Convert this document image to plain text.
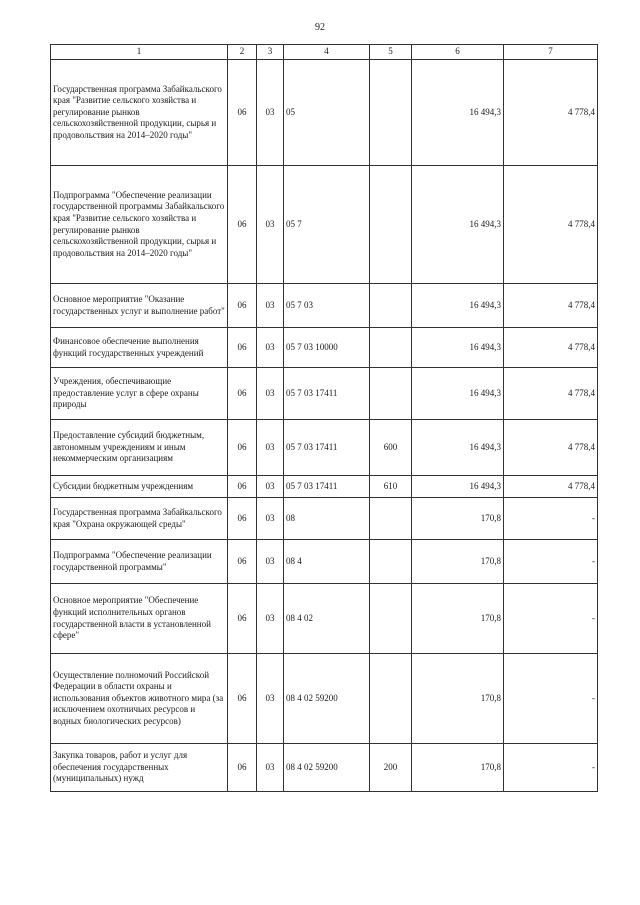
92
1	2	3	4	5	6	7
Государственная программа Забайкальского края "Развитие сельского хозяйства и регулирование рынков сельскохозяйственной продукции, сырья и продовольствия на 2014–2020 годы"	06	03	05		16 494,3	4 778,4
Подпрограмма "Обеспечение реализации государственной программы Забайкальского края "Развитие сельского хозяйства и регулирование рынков сельскохозяйственной продукции, сырья и продовольствия на 2014–2020 годы"	06	03	05 7		16 494,3	4 778,4
Основное мероприятие "Оказание государственных услуг и выполнение работ"	06	03	05 7 03		16 494,3	4 778,4
Финансовое обеспечение выполнения функций государственных учреждений	06	03	05 7 03 10000		16 494,3	4 778,4
Учреждения, обеспечивающие предоставление услуг в сфере охраны природы	06	03	05 7 03 17411		16 494,3	4 778,4
Предоставление субсидий бюджетным, автономным учреждениям и иным некоммерческим организациям	06	03	05 7 03 17411	600	16 494,3	4 778,4
Субсидии бюджетным учреждениям	06	03	05 7 03 17411	610	16 494,3	4 778,4
Государственная программа Забайкальского края "Охрана окружающей среды"	06	03	08		170,8	-
Подпрограмма "Обеспечение реализации государственной программы"	06	03	08 4		170,8	-
Основное мероприятие "Обеспечение функций исполнительных органов государственной власти в установленной сфере"	06	03	08 4 02		170,8	-
Осуществление полномочий Российской Федерации в области охраны и использования объектов животного мира (за исключением охотничьих ресурсов и водных биологических ресурсов)	06	03	08 4 02 59200		170,8	-
Закупка товаров, работ и услуг для обеспечения государственных (муниципальных) нужд	06	03	08 4 02 59200	200	170,8	-
